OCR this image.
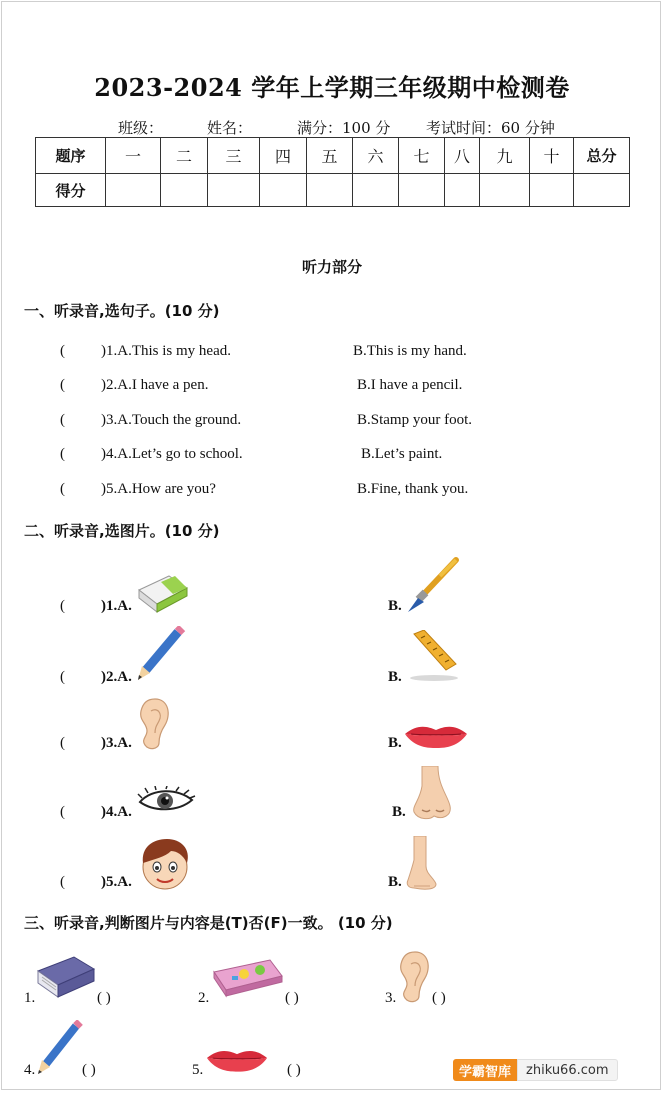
2023-2024 学年上学期三年级期中检测卷
班级：	姓名：	满分：100 分 考试时间：60 分钟
题序	一	二	三	四	五	六	七	八	九	十	总分
得分											
听力部分
一、听录音,选句子。(10 分)
( )1.A.This is my head.	B.This is my hand.
( )2.A.I have a pen.	B.I have a pencil.
( )3.A.Touch the ground.	B.Stamp your foot.
( )4.A.Let’s go to school.	B.Let’s paint.
( )5.A.How are you?	B.Fine, thank you.
二、听录音,选图片。(10 分)
( )1.A.	B.
( )2.A.	B.
( )3.A.	B.
( )4.A.	B.
( )5.A.	B.
三、听录音,判断图片与内容是(T)否(F)一致。 (10 分)
1.	( )	2.	( )	3. ( )
4.	( )	5.	( )	学霸智库	zhiku66.com
